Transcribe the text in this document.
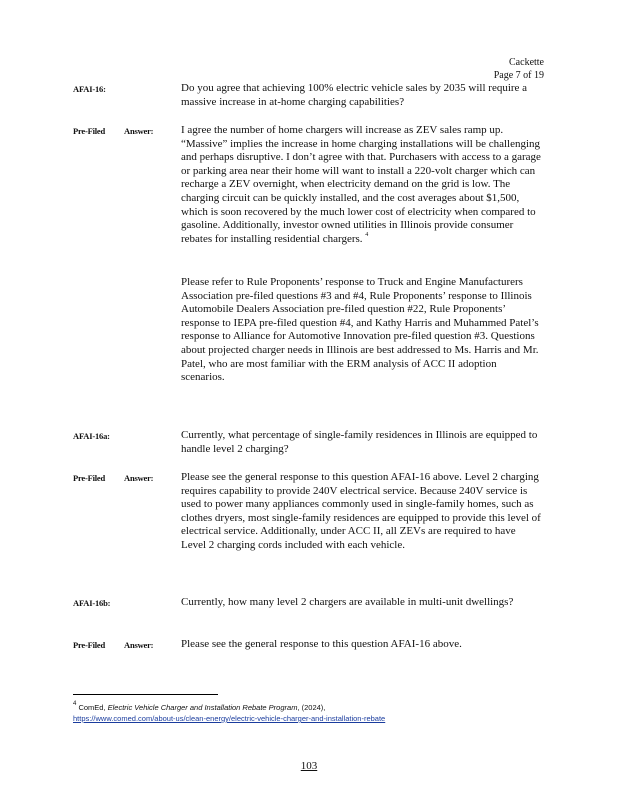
Cackette
Page 7 of 19
AFAI-16:	Do you agree that achieving 100% electric vehicle sales by 2035 will require a massive increase in at-home charging capabilities?
Pre-Filed Answer:	I agree the number of home chargers will increase as ZEV sales ramp up. “Massive” implies the increase in home charging installations will be challenging and perhaps disruptive. I don’t agree with that. Purchasers with access to a garage or parking area near their home will want to install a 220-volt charger which can recharge a ZEV overnight, when electricity demand on the grid is low. The charging circuit can be quickly installed, and the cost averages about $1,500, which is soon recovered by the much lower cost of electricity when compared to gasoline. Additionally, investor owned utilities in Illinois provide consumer rebates for installing residential chargers. $^4$
Please refer to Rule Proponents’ response to Truck and Engine Manufacturers Association pre-filed questions #3 and #4, Rule Proponents’ response to Illinois Automobile Dealers Association pre-filed question #22, Rule Proponents’ response to IEPA pre-filed question #4, and Kathy Harris and Muhammed Patel’s response to Alliance for Automotive Innovation pre-filed question #3. Questions about projected charger needs in Illinois are best addressed to Ms. Harris and Mr. Patel, who are most familiar with the ERM analysis of ACC II adoption scenarios.
AFAI-16a:	Currently, what percentage of single-family residences in Illinois are equipped to handle level 2 charging?
Pre-Filed Answer:	Please see the general response to this question AFAI-16 above. Level 2 charging requires capability to provide 240V electrical service. Because 240V service is used to power many appliances commonly used in single-family homes, such as clothes dryers, most single-family residences are equipped to provide this level of electrical service. Additionally, under ACC II, all ZEVs are required to have Level 2 charging cords included with each vehicle.
AFAI-16b:	Currently, how many level 2 chargers are available in multi-unit dwellings?
Pre-Filed Answer:	Please see the general response to this question AFAI-16 above.
$^4$ ComEd, Electric Vehicle Charger and Installation Rebate Program, (2024),
https://www.comed.com/about-us/clean-energy/electric-vehicle-charger-and-installation-rebate
103
